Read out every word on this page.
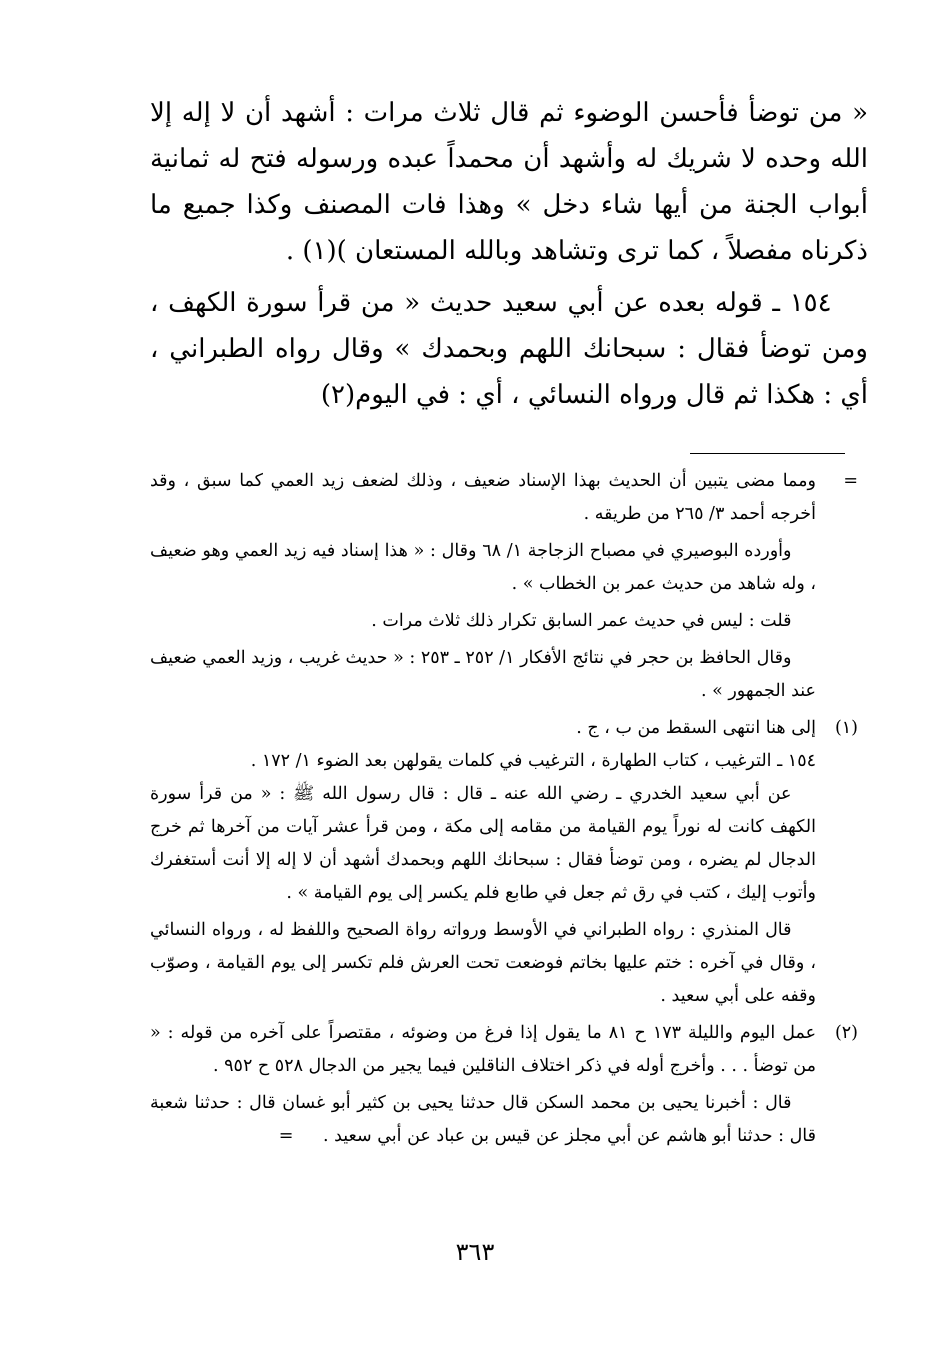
« من توضأ فأحسن الوضوء ثم قال ثلاث مرات : أشهد أن لا إله إلا الله وحده لا شريك له وأشهد أن محمداً عبده ورسوله فتح له ثمانية أبواب الجنة من أيها شاء دخل » وهذا فات المصنف وكذا جميع ما ذكرناه مفصلاً ، كما ترى وتشاهد وبالله المستعان )(١) .

١٥٤ ـ قوله بعده عن أبي سعيد حديث « من قرأ سورة الكهف ، ومن توضأ فقال : سبحانك اللهم وبحمدك » وقال رواه الطبراني ، أي : هكذا ثم قال ورواه النسائي ، أي : في اليوم(٢)

=
ومما مضى يتبين أن الحديث بهذا الإسناد ضعيف ، وذلك لضعف زيد العمي كما سبق ، وقد أخرجه أحمد ٣/ ٢٦٥ من طريقه .

وأورده البوصيري في مصباح الزجاجة ١/ ٦٨ وقال : « هذا إسناد فيه زيد العمي وهو ضعيف ، وله شاهد من حديث عمر بن الخطاب » .

قلت : ليس في حديث عمر السابق تكرار ذلك ثلاث مرات .

وقال الحافظ بن حجر في نتائج الأفكار ١/ ٢٥٢ ـ ٢٥٣ : « حديث غريب ، وزيد العمي ضعيف عند الجمهور » .

(١)
إلى هنا انتهى السقط من ب ، ج .

١٥٤ ـ الترغيب ، كتاب الطهارة ، الترغيب في كلمات يقولهن بعد الضوء ١/ ١٧٢ .

عن أبي سعيد الخدري ـ رضي الله عنه ـ قال : قال رسول الله ﷺ : « من قرأ سورة الكهف كانت له نوراً يوم القيامة من مقامه إلى مكة ، ومن قرأ عشر آيات من آخرها ثم خرج الدجال لم يضره ، ومن توضأ فقال : سبحانك اللهم وبحمدك أشهد أن لا إله إلا أنت أستغفرك وأتوب إليك ، كتب في رق ثم جعل في طابع فلم يكسر إلى يوم القيامة » .

قال المنذري : رواه الطبراني في الأوسط ورواته رواة الصحيح واللفظ له ، ورواه النسائي ، وقال في آخره : ختم عليها بخاتم فوضعت تحت العرش فلم تكسر إلى يوم القيامة ، وصوّب وقفه على أبي سعيد .

(٢)
عمل اليوم والليلة ١٧٣ ح ٨١ ما يقول إذا فرغ من وضوئه ، مقتصراً على آخره من قوله : « من توضأ . . . وأخرج أوله في ذكر اختلاف الناقلين فيما يجير من الدجال ٥٢٨ ح ٩٥٢ .

قال : أخبرنا يحيى بن محمد السكن قال حدثنا يحيى بن كثير أبو غسان قال : حدثنا شعبة قال : حدثنا أبو هاشم عن أبي مجلز عن قيس بن عباد عن أبي سعيد . =

٣٦٣
